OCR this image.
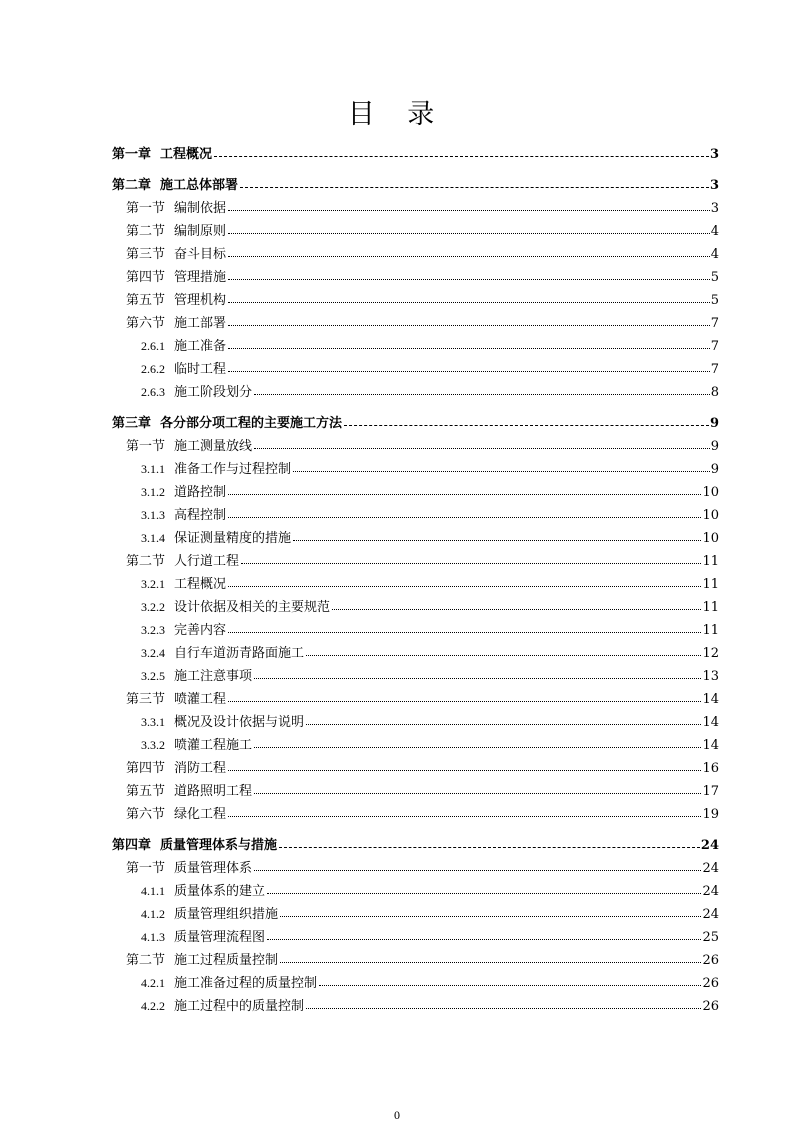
目 录
第一章 工程概况	3
第二章 施工总体部署	3
第一节 编制依据	3
第二节 编制原则	4
第三节 奋斗目标	4
第四节 管理措施	5
第五节 管理机构	5
第六节 施工部署	7
2.6.1 施工准备	7
2.6.2 临时工程	7
2.6.3 施工阶段划分	8
第三章 各分部分项工程的主要施工方法	9
第一节 施工测量放线	9
3.1.1 准备工作与过程控制	9
3.1.2 道路控制	10
3.1.3 高程控制	10
3.1.4 保证测量精度的措施	10
第二节 人行道工程	11
3.2.1 工程概况	11
3.2.2 设计依据及相关的主要规范	11
3.2.3 完善内容	11
3.2.4 自行车道沥青路面施工	12
3.2.5 施工注意事项	13
第三节 喷灌工程	14
3.3.1 概况及设计依据与说明	14
3.3.2 喷灌工程施工	14
第四节 消防工程	16
第五节 道路照明工程	17
第六节 绿化工程	19
第四章 质量管理体系与措施	24
第一节 质量管理体系	24
4.1.1 质量体系的建立	24
4.1.2 质量管理组织措施	24
4.1.3 质量管理流程图	25
第二节 施工过程质量控制	26
4.2.1 施工准备过程的质量控制	26
4.2.2 施工过程中的质量控制	26
0
